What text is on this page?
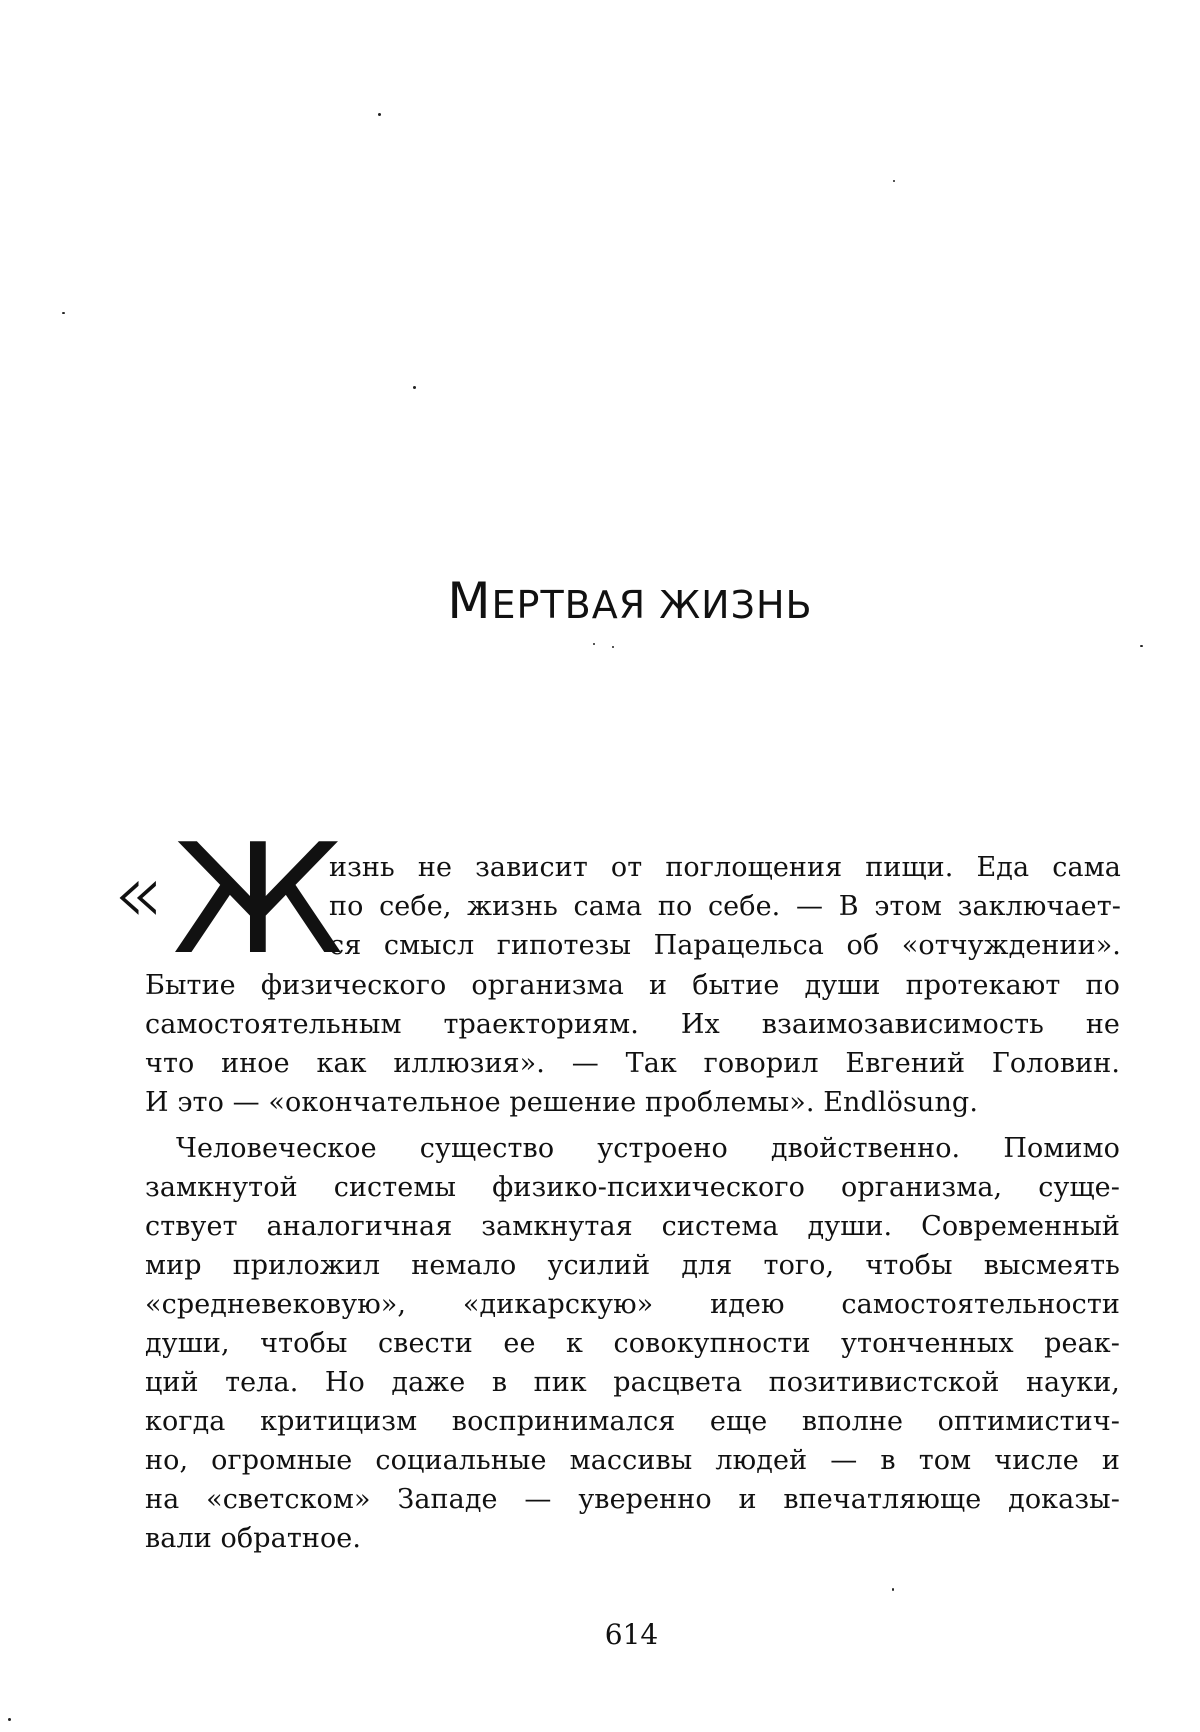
МЕРТВАЯ ЖИЗНЬ
« Ж
изнь не зависит от поглощения пищи. Еда сама
по себе, жизнь сама по себе. — В этом заключает-
ся смысл гипотезы Парацельса об «отчуждении».
Бытие физического организма и бытие души протекают по
самостоятельным траекториям. Их взаимозависимость не
что иное как иллюзия». — Так говорил Евгений Головин.
И это — «окончательное решение проблемы». Endlösung.
Человеческое существо устроено двойственно. Помимо
замкнутой системы физико-психического организма, суще-
ствует аналогичная замкнутая система души. Современный
мир приложил немало усилий для того, чтобы высмеять
«средневековую», «дикарскую» идею самостоятельности
души, чтобы свести ее к совокупности утонченных реак-
ций тела. Но даже в пик расцвета позитивистской науки,
когда критицизм воспринимался еще вполне оптимистич-
но, огромные социальные массивы людей — в том числе и
на «светском» Западе — уверенно и впечатляюще доказы-
вали обратное.
614
